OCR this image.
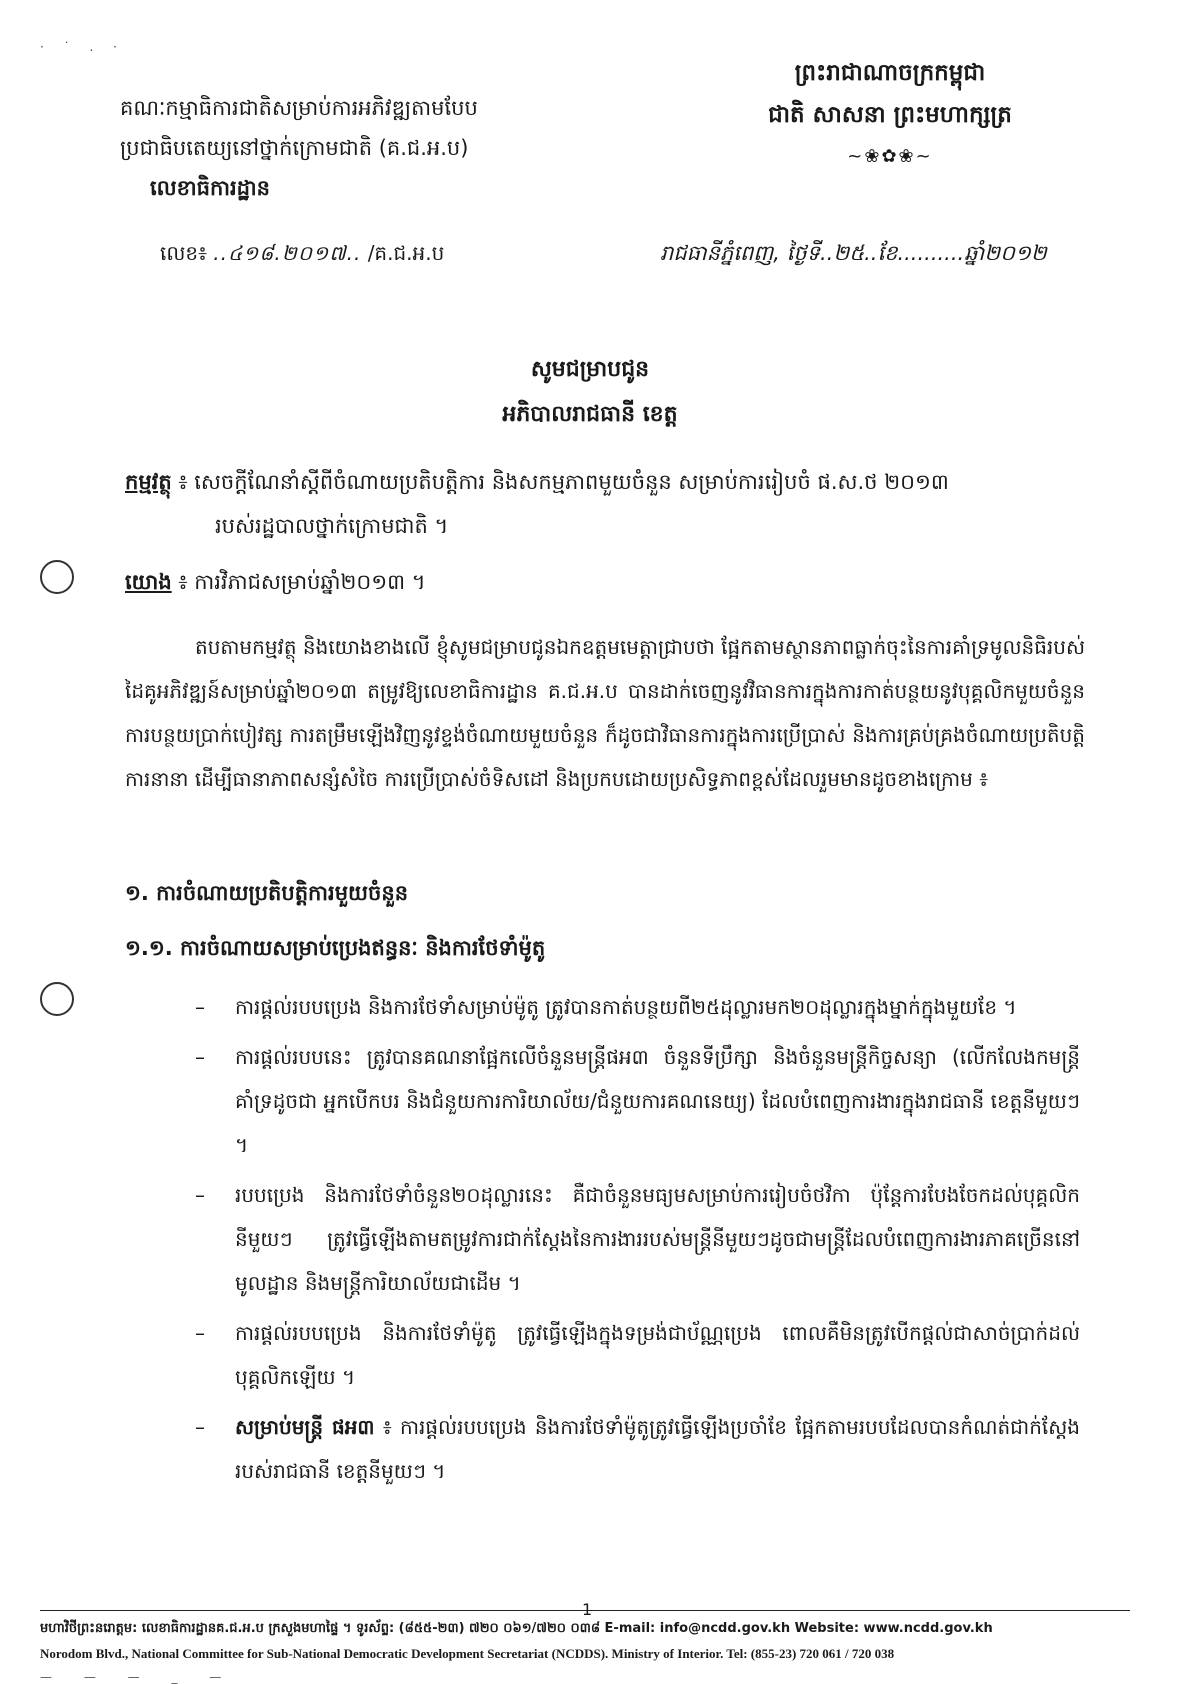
· ˙ . ·
គណៈកម្មាធិការជាតិសម្រាប់ការអភិវឌ្ឍតាមបែប
ប្រជាធិបតេយ្យនៅថ្នាក់ក្រោមជាតិ (គ.ជ.អ.ប)
លេខាធិការដ្ឋាន
ព្រះរាជាណាចក្រកម្ពុជា
ជាតិ សាសនា ព្រះមហាក្សត្រ
~❀✿❀~
លេខ៖ ..៤១៨.២០១៧.. /គ.ជ.អ.ប	រាជធានីភ្នំពេញ, ថ្ងៃទី..២៥..ខែ..........ឆ្នាំ២០១២
សូមជម្រាបជូន
អភិបាលរាជធានី ខេត្ត
កម្មវត្ថុ ៖ សេចក្តីណែនាំស្តីពីចំណាយប្រតិបត្តិការ និងសកម្មភាពមួយចំនួន សម្រាប់ការរៀបចំ ផ.ស.ថ ២០១៣
របស់រដ្ឋបាលថ្នាក់ក្រោមជាតិ ។
យោង ៖ ការវិភាជសម្រាប់ឆ្នាំ២០១៣ ។
តបតាមកម្មវត្ថុ និងយោងខាងលើ ខ្ញុំសូមជម្រាបជូនឯកឧត្តមមេត្តាជ្រាបថា ផ្អែកតាមស្ថានភាពធ្លាក់ចុះនៃការគាំទ្រមូលនិធិរបស់ដៃគូអភិវឌ្ឍន៍សម្រាប់ឆ្នាំ២០១៣ តម្រូវឱ្យលេខាធិការដ្ឋាន គ.ជ.អ.ប បានដាក់ចេញនូវវិធានការក្នុងការកាត់បន្ថយនូវបុគ្គលិកមួយចំនួន ការបន្ថយប្រាក់បៀវត្ស ការតម្រឹមឡើងវិញនូវខ្ទង់ចំណាយមួយចំនួន ក៏ដូចជាវិធានការក្នុងការប្រើប្រាស់ និងការគ្រប់គ្រងចំណាយប្រតិបត្តិការនានា ដើម្បីធានាភាពសន្សំសំចៃ ការប្រើប្រាស់ចំទិសដៅ និងប្រកបដោយប្រសិទ្ធភាពខ្ពស់ដែលរួមមានដូចខាងក្រោម ៖
១. ការចំណាយប្រតិបត្តិការមួយចំនួន
១.១. ការចំណាយសម្រាប់ប្រេងឥន្ធនៈ និងការថែទាំម៉ូតូ
– ការផ្តល់របបប្រេង និងការថែទាំសម្រាប់ម៉ូតូ ត្រូវបានកាត់បន្ថយពី២៥ដុល្លារមក២០ដុល្លារក្នុងម្នាក់ក្នុងមួយខែ ។
– ការផ្តល់របបនេះ ត្រូវបានគណនាផ្អែកលើចំនួនមន្ត្រីផអ៣ ចំនួនទីប្រឹក្សា និងចំនួនមន្ត្រីកិច្ចសន្យា (លើកលែងកមន្ត្រីគាំទ្រដូចជា អ្នកបើកបរ និងជំនួយការការិយាល័យ/ជំនួយការគណនេយ្យ) ដែលបំពេញការងារក្នុងរាជធានី ខេត្តនីមួយៗ ។
– របបប្រេង និងការថែទាំចំនួន២០ដុល្លារនេះ គឺជាចំនួនមធ្យមសម្រាប់ការរៀបចំថវិកា ប៉ុន្តែការបែងចែកដល់បុគ្គលិកនីមួយៗ ត្រូវធ្វើឡើងតាមតម្រូវការជាក់ស្តែងនៃការងាររបស់មន្ត្រីនីមួយៗដូចជាមន្ត្រីដែលបំពេញការងារភាគច្រើននៅមូលដ្ឋាន និងមន្ត្រីការិយាល័យជាដើម ។
– ការផ្តល់របបប្រេង និងការថែទាំម៉ូតូ ត្រូវធ្វើឡើងក្នុងទម្រង់ជាប័ណ្ណប្រេង ពោលគឺមិនត្រូវបើកផ្តល់ជាសាច់ប្រាក់ដល់បុគ្គលិកឡើយ ។
– សម្រាប់មន្ត្រី ផអ៣ ៖ ការផ្តល់របបប្រេង និងការថែទាំម៉ូតូត្រូវធ្វើឡើងប្រចាំខែ ផ្អែកតាមរបបដែលបានកំណត់ជាក់ស្តែងរបស់រាជធានី ខេត្តនីមួយៗ ។
1
មហាវិថីព្រះនរោត្តម: លេខាធិការដ្ឋានគ.ជ.អ.ប ក្រសួងមហាផ្ទៃ ។ ទូរស័ព្ទ: (៨៥៥-២៣) ៧២០ ០៦១/៧២០ ០៣៨ E-mail: info@ncdd.gov.kh Website: www.ncdd.gov.kh
Norodom Blvd., National Committee for Sub-National Democratic Development Secretariat (NCDDS). Ministry of Interior. Tel: (855-23) 720 061 / 720 038
— — — _ —
